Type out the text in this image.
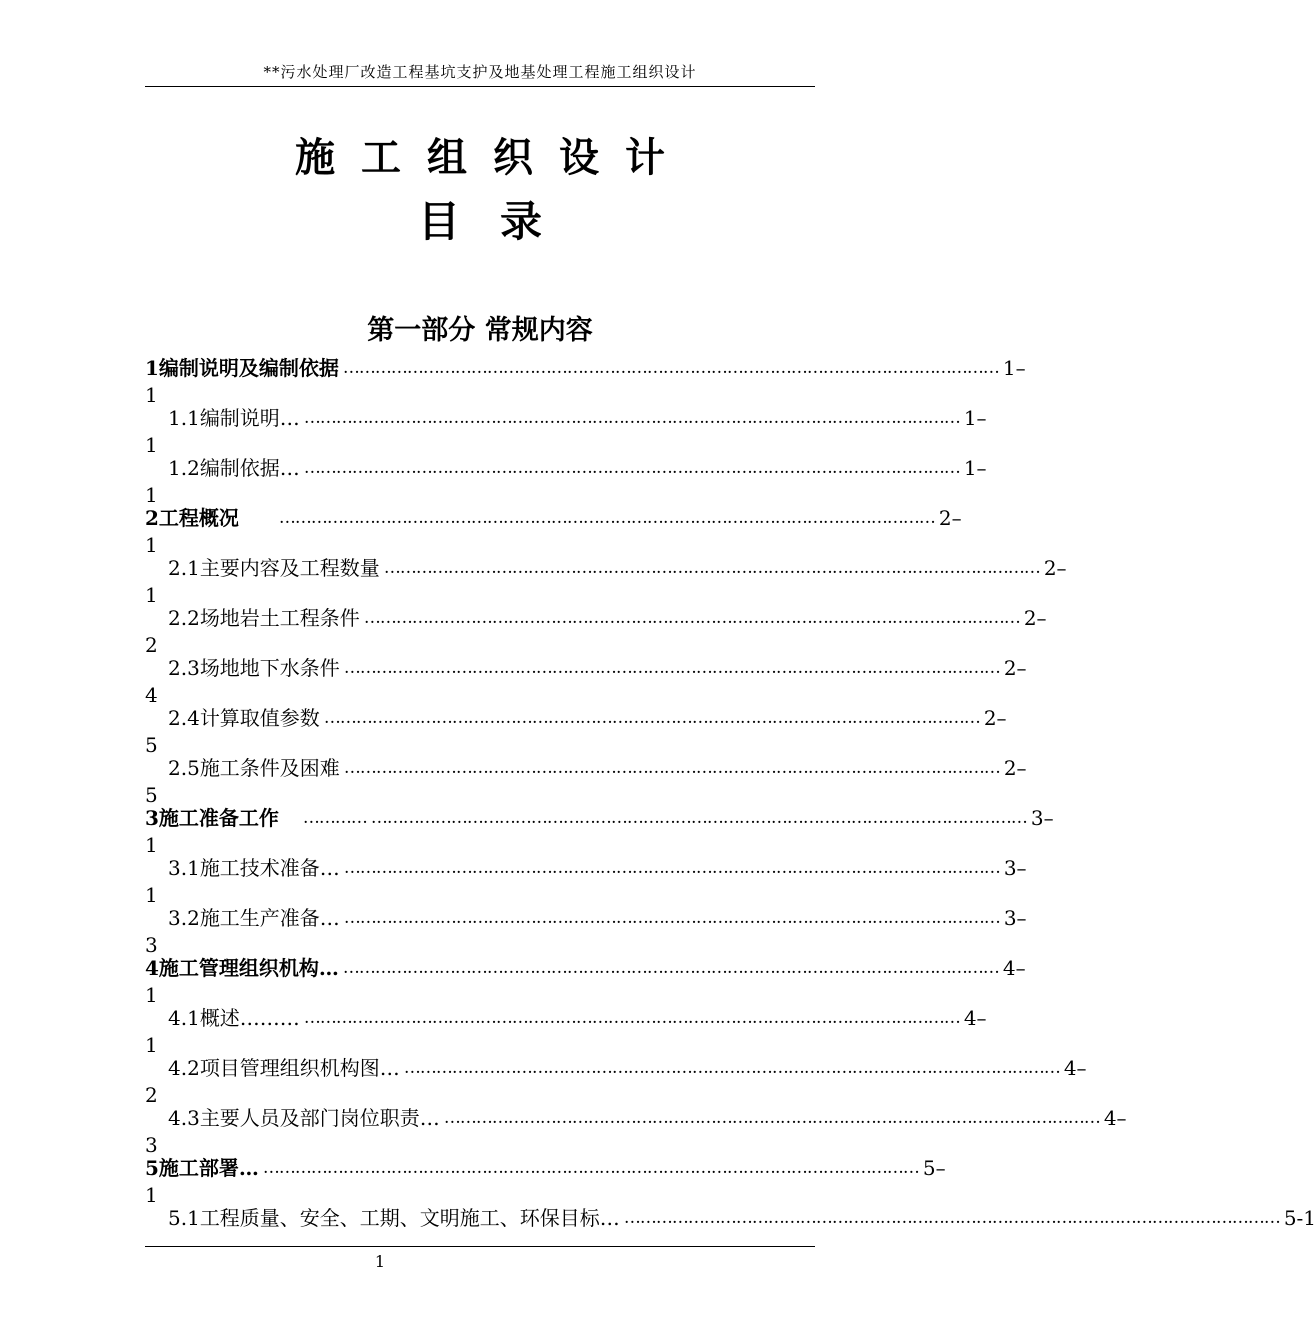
**污水处理厂改造工程基坑支护及地基处理工程施工组织设计
施工组织设计
目录
第一部分 常规内容
1 编制说明及编制依据 …………………………………………………………………………………………………………… 1–
1
1.1 编制说明… …………………………………………………………………………………………………………… 1–
1
1.2 编制依据… …………………………………………………………………………………………………………… 1–
1
2 工程概况 …………………………………………………………………………………………………………… 2–
1
2.1 主要内容及工程数量 …………………………………………………………………………………………………………… 2–
1
2.2 场地岩土工程条件 …………………………………………………………………………………………………………… 2–
2
2.3 场地地下水条件 …………………………………………………………………………………………………………… 2–
4
2.4 计算取值参数 …………………………………………………………………………………………………………… 2–
5
2.5 施工条件及困难 …………………………………………………………………………………………………………… 2–
5
3 施工准备工作 ………… …………………………………………………………………………………………………………… 3–
1
3.1 施工技术准备… …………………………………………………………………………………………………………… 3–
1
3.2 施工生产准备… …………………………………………………………………………………………………………… 3–
3
4 施工管理组织机构… …………………………………………………………………………………………………………… 4–
1
4.1 概述……… …………………………………………………………………………………………………………… 4–
1
4.2 项目管理组织机构图… …………………………………………………………………………………………………………… 4–
2
4.3 主要人员及部门岗位职责… …………………………………………………………………………………………………………… 4–
3
5 施工部署… …………………………………………………………………………………………………………… 5–
1
5.1 工程质量、安全、工期、文明施工、环保目标… …………………………………………………………………………………………………………… 5-1
1
